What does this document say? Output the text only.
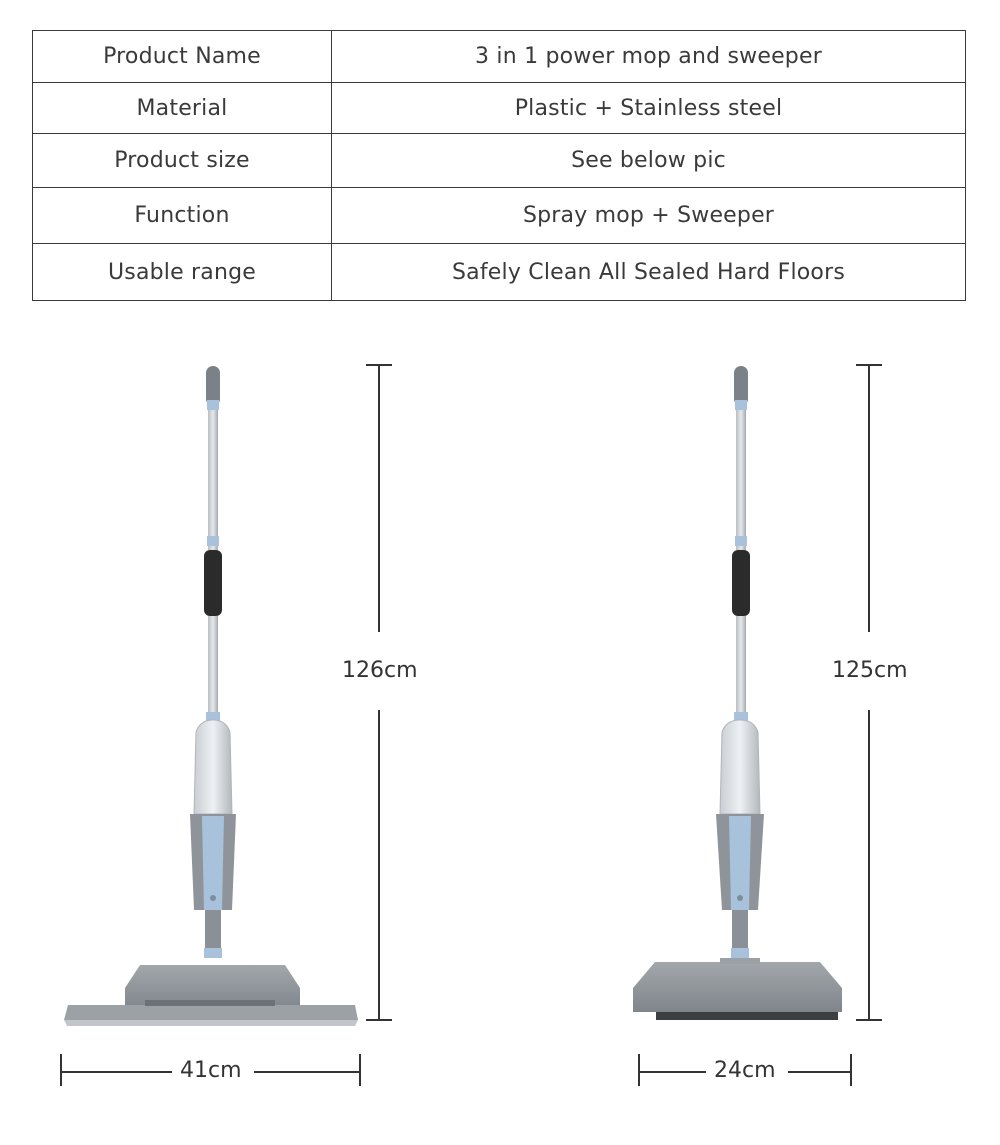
Product Name	3 in 1 power mop and sweeper
Material	Plastic + Stainless steel
Product size	See below pic
Function	Spray mop + Sweeper
Usable range	Safely Clean All Sealed Hard Floors
126cm
41cm
125cm
24cm
